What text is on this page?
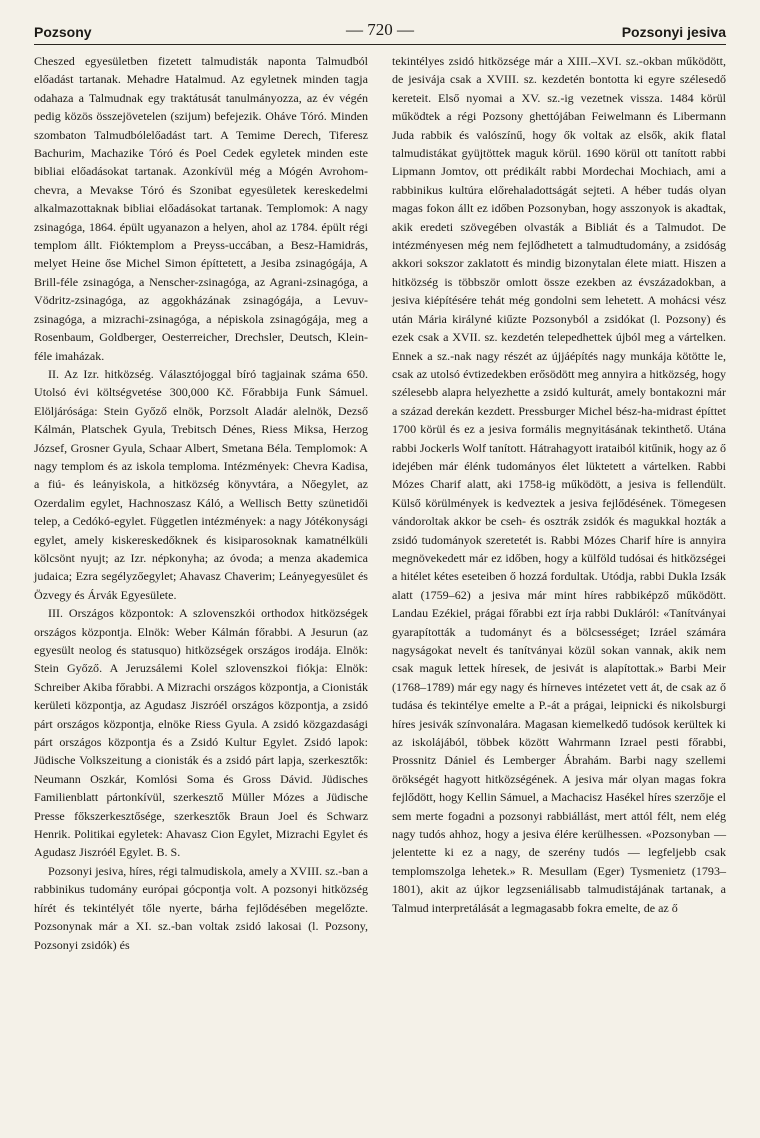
Pozsony	— 720 —	Pozsonyi jesiva

Cheszed egyesületben fizetett talmudisták naponta Talmudból előadást tartanak. Mehadre Hatalmud. Az egyletnek minden tagja odahaza a Talmudnak egy traktátusát tanulmányozza, az év végén pedig közös összejövetelen (szijum) befejezik. Oháve Tóró. Minden szombaton Talmudbólelőadást tart. A Temime Derech, Tiferesz Bachurim, Machazike Tóró és Poel Cedek egyletek minden este bibliai előadásokat tartanak. Azonkívül még a Mógén Avrohom-chevra, a Mevakse Tóró és Szonibat egyesületek kereskedelmi alkalmazottaknak bibliai előadásokat tartanak. Templomok: A nagy zsinagóga, 1864. épült ugyanazon a helyen, ahol az 1784. épült régi templom állt. Fióktemplom a Preyss-uccában, a Besz-Hamidrás, melyet Heine őse Michel Simon építtetett, a Jesiba zsinagógája, A Brill-féle zsinagóga, a Nenscher-zsinagóga, az Agrani-zsinagóga, a Vödritz-zsinagóga, az aggokházának zsinagógája, a Levuv-zsinagóga, a mizrachi-zsinagóga, a népiskola zsinagógája, meg a Rosenbaum, Goldberger, Oesterreicher, Drechsler, Deutsch, Klein-féle imaházak.

II. Az Izr. hitközség. Választójoggal bíró tagjainak száma 650. Utolsó évi költségvetése 300,000 Kč. Főrabbija Funk Sámuel. Elöljárósága: Stein Győző elnök, Porzsolt Aladár alelnök, Dezső Kálmán, Platschek Gyula, Trebitsch Dénes, Riess Miksa, Herzog József, Grosner Gyula, Schaar Albert, Smetana Béla. Templomok: A nagy templom és az iskola temploma. Intézmények: Chevra Kadisa, a fiú- és leányiskola, a hitközség könyvtára, a Nőegylet, az Ozerdalim egylet, Hachnoszasz Káló, a Wellisch Betty szünetidői telep, a Cedókó-egylet. Független intézmények: a nagy Jótékonysági egylet, amely kiskereskedőknek és kisiparosoknak kamatnélküli kölcsönt nyujt; az Izr. népkonyha; az óvoda; a menza akademica judaica; Ezra segélyzőegylet; Ahavasz Chaverim; Leányegyesület és Özvegy és Árvák Egyesülete.

III. Országos központok: A szlovenszkói orthodox hitközségek országos központja. Elnök: Weber Kálmán főrabbi. A Jesurun (az egyesült neolog és statusquo) hitközségek országos irodája. Elnök: Stein Győző. A Jeruzsálemi Kolel szlovenszkoi fiókja: Elnök: Schreiber Akiba főrabbi. A Mizrachi országos központja, a Cionisták kerületi központja, az Agudasz Jiszróél országos központja, a zsidó párt országos központja, elnöke Riess Gyula. A zsidó közgazdasági párt országos központja és a Zsidó Kultur Egylet. Zsidó lapok: Jüdische Volkszeitung a cionisták és a zsidó párt lapja, szerkesztők: Neumann Oszkár, Komlósi Soma és Gross Dávid. Jüdisches Familienblatt pártonkívül, szerkesztő Müller Mózes a Jüdische Presse főkszerkesztősége, szerkesztők Braun Joel és Schwarz Henrik. Politikai egyletek: Ahavasz Cion Egylet, Mizrachi Egylet és Agudasz Jiszróél Egylet. B. S.

Pozsonyi jesiva, híres, régi talmudiskola, amely a XVIII. sz.-ban a rabbinikus tudomány európai gócpontja volt. A pozsonyi hitközség hírét és tekintélyét tőle nyerte, bárha fejlődésében megelőzte. Pozsonynak már a XI. sz.-ban voltak zsidó lakosai (l. Pozsony, Pozsonyi zsidók) és

tekintélyes zsidó hitközsége már a XIII.–XVI. sz.-okban működött, de jesivája csak a XVIII. sz. kezdetén bontotta ki egyre szélesedő kereteit. Első nyomai a XV. sz.-ig vezetnek vissza. 1484 körül működtek a régi Pozsony ghettójában Feiwelmann és Libermann Juda rabbik és valószínű, hogy ők voltak az elsők, akik flatal talmudistákat gyüjtöttek maguk körül. 1690 körül ott tanított rabbi Lipmann Jomtov, ott prédikált rabbi Mordechai Mochiach, ami a rabbinikus kultúra előrehaladottságát sejteti. A héber tudás olyan magas fokon állt ez időben Pozsonyban, hogy asszonyok is akadtak, akik eredeti szövegében olvasták a Bibliát és a Talmudot. De intézményesen még nem fejlődhetett a talmudtudomány, a zsidóság akkori sokszor zaklatott és mindig bizonytalan élete miatt. Hiszen a hitközség is többször omlott össze ezekben az évszázadokban, a jesiva kiépítésére tehát még gondolni sem lehetett. A mohácsi vész után Mária királyné kiűzte Pozsonyból a zsidókat (l. Pozsony) és ezek csak a XVII. sz. kezdetén telepedhettek újból meg a vártelken. Ennek a sz.-nak nagy részét az újjáépítés nagy munkája kötötte le, csak az utolsó évtizedekben erősödött meg annyira a hitközség, hogy szélesebb alapra helyezhette a zsidó kulturát, amely bontakozni már a század derekán kezdett. Pressburger Michel bész-ha-midrast építtet 1700 körül és ez a jesiva formális megnyitásának tekinthető. Utána rabbi Jockerls Wolf tanított. Hátrahagyott irataiból kitűnik, hogy az ő idejében már élénk tudományos élet lüktetett a vártelken. Rabbi Mózes Charif alatt, aki 1758-ig működött, a jesiva is fellendült. Külső körülmények is kedveztek a jesiva fejlődésének. Tömegesen vándoroltak akkor be cseh- és osztrák zsidók és magukkal hozták a zsidó tudományok szeretetét is. Rabbi Mózes Charif híre is annyira megnövekedett már ez időben, hogy a külföld tudósai és hitközségei a hitélet kétes eseteiben ő hozzá fordultak. Utódja, rabbi Dukla Izsák alatt (1759–62) a jesiva már mint híres rabbiképző működött. Landau Ezékiel, prágai főrabbi ezt írja rabbi Dukláról: «Tanítványai gyarapították a tudományt és a bölcsességet; Izráel számára nagyságokat nevelt és tanítványai közül sokan vannak, akik nem csak maguk lettek híresek, de jesivát is alapítottak.» Barbi Meir (1768–1789) már egy nagy és hírneves intézetet vett át, de csak az ő tudása és tekintélye emelte a P.-át a prágai, leipnicki és nikolsburgi híres jesivák színvonalára. Magasan kiemelkedő tudósok kerültek ki az iskolájából, többek között Wahrmann Izrael pesti főrabbi, Prossnitz Dániel és Lemberger Ábrahám. Barbi nagy szellemi örökségét hagyott hitközségének. A jesiva már olyan magas fokra fejlődött, hogy Kellin Sámuel, a Machacisz Hasékel híres szerzője el sem merte fogadni a pozsonyi rabbiállást, mert attól félt, nem elég nagy tudós ahhoz, hogy a jesiva élére kerülhessen. «Pozsonyban — jelentette ki ez a nagy, de szerény tudós — legfeljebb csak templomszolga lehetek.» R. Mesullam (Eger) Tysmenietz (1793–1801), akit az újkor legzseniálisabb talmudistájának tartanak, a Talmud interpretálását a legmagasabb fokra emelte, de az ő
